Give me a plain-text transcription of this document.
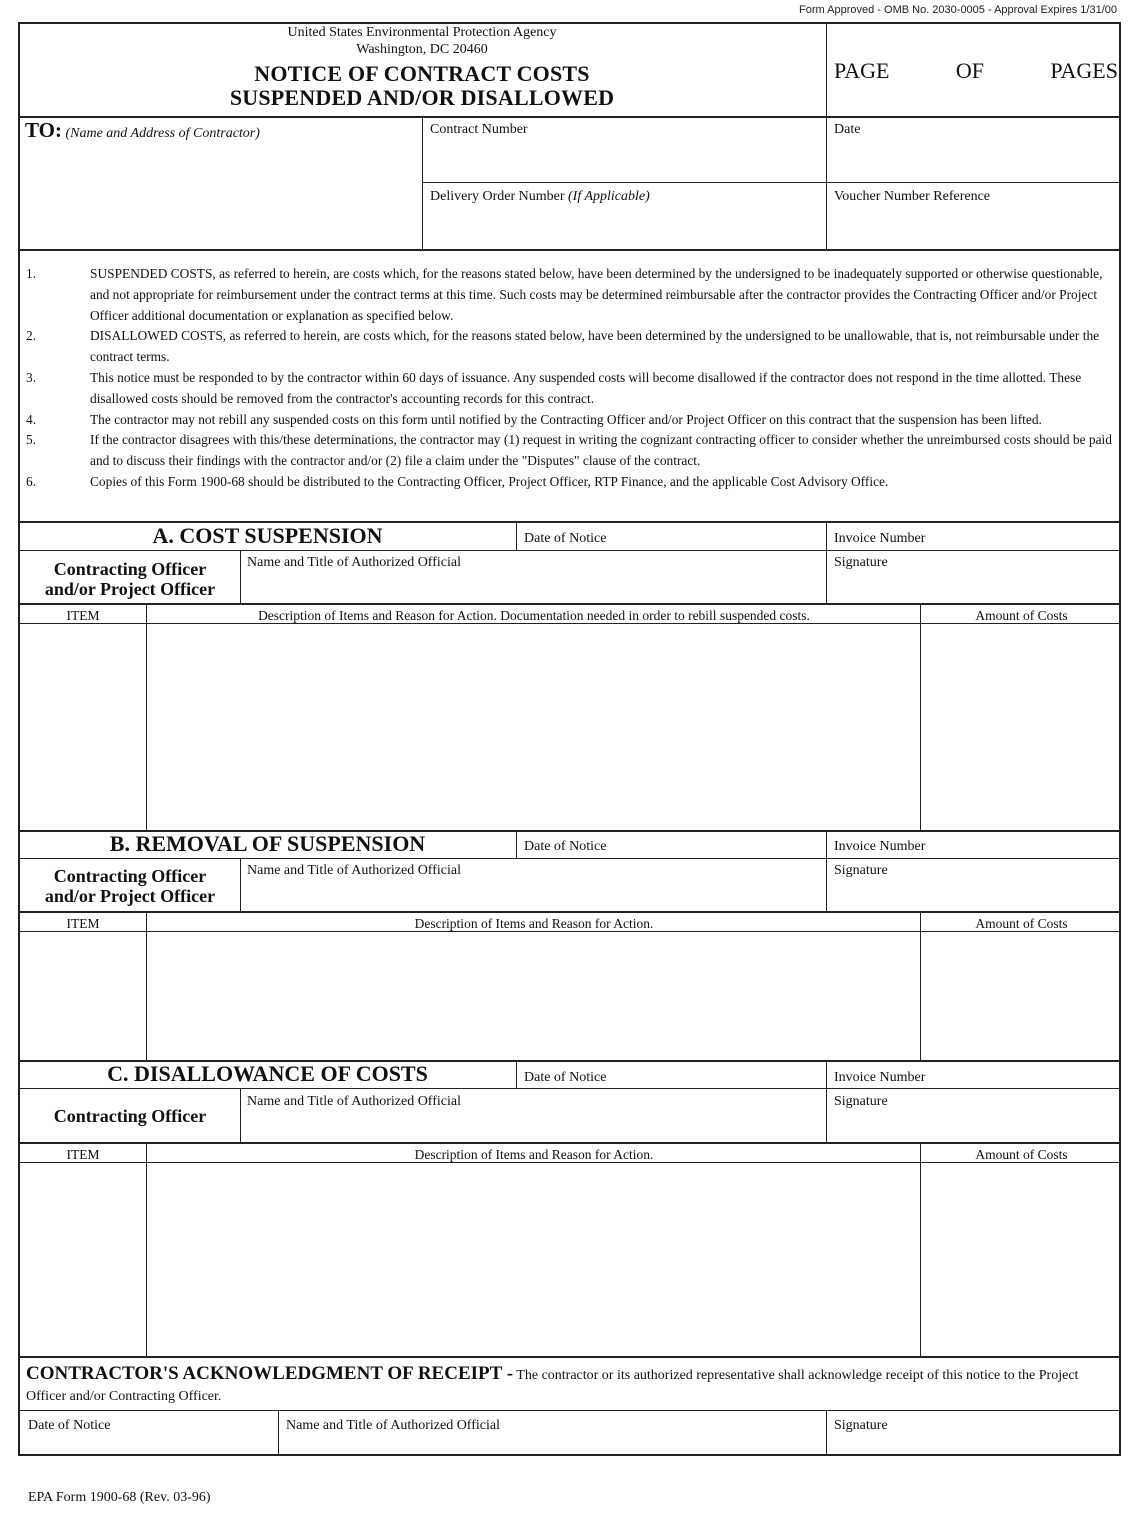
Form Approved - OMB No. 2030-0005 - Approval Expires 1/31/00
United States Environmental Protection Agency
Washington, DC 20460
NOTICE OF CONTRACT COSTS
SUSPENDED AND/OR DISALLOWED
PAGE	OF	PAGES
TO: (Name and Address of Contractor)	Contract Number	Date
Delivery Order Number (If Applicable)	Voucher Number Reference
1.	SUSPENDED COSTS, as referred to herein, are costs which, for the reasons stated below, have been determined by the undersigned to be inadequately supported or otherwise questionable, and not appropriate for reimbursement under the contract terms at this time. Such costs may be determined reimbursable after the contractor provides the Contracting Officer and/or Project Officer additional documentation or explanation as specified below.
2.	DISALLOWED COSTS, as referred to herein, are costs which, for the reasons stated below, have been determined by the undersigned to be unallowable, that is, not reimbursable under the contract terms.
3.	This notice must be responded to by the contractor within 60 days of issuance. Any suspended costs will become disallowed if the contractor does not respond in the time allotted. These disallowed costs should be removed from the contractor's accounting records for this contract.
4.	The contractor may not rebill any suspended costs on this form until notified by the Contracting Officer and/or Project Officer on this contract that the suspension has been lifted.
5.	If the contractor disagrees with this/these determinations, the contractor may (1) request in writing the cognizant contracting officer to consider whether the unreimbursed costs should be paid and to discuss their findings with the contractor and/or (2) file a claim under the "Disputes" clause of the contract.
6.	Copies of this Form 1900-68 should be distributed to the Contracting Officer, Project Officer, RTP Finance, and the applicable Cost Advisory Office.
A. COST SUSPENSION	Date of Notice	Invoice Number
Contracting Officer
and/or Project Officer
Name and Title of Authorized Official	Signature
ITEM	Description of Items and Reason for Action. Documentation needed in order to rebill suspended costs.	Amount of Costs
B. REMOVAL OF SUSPENSION	Date of Notice	Invoice Number
Contracting Officer
and/or Project Officer
Name and Title of Authorized Official	Signature
ITEM	Description of Items and Reason for Action.	Amount of Costs
C. DISALLOWANCE OF COSTS	Date of Notice	Invoice Number
Contracting Officer
Name and Title of Authorized Official	Signature
ITEM	Description of Items and Reason for Action.	Amount of Costs
CONTRACTOR'S ACKNOWLEDGMENT OF RECEIPT - The contractor or its authorized representative shall acknowledge receipt of this notice to the Project Officer and/or Contracting Officer.
Date of Notice	Name and Title of Authorized Official	Signature
EPA Form 1900-68 (Rev. 03-96)
